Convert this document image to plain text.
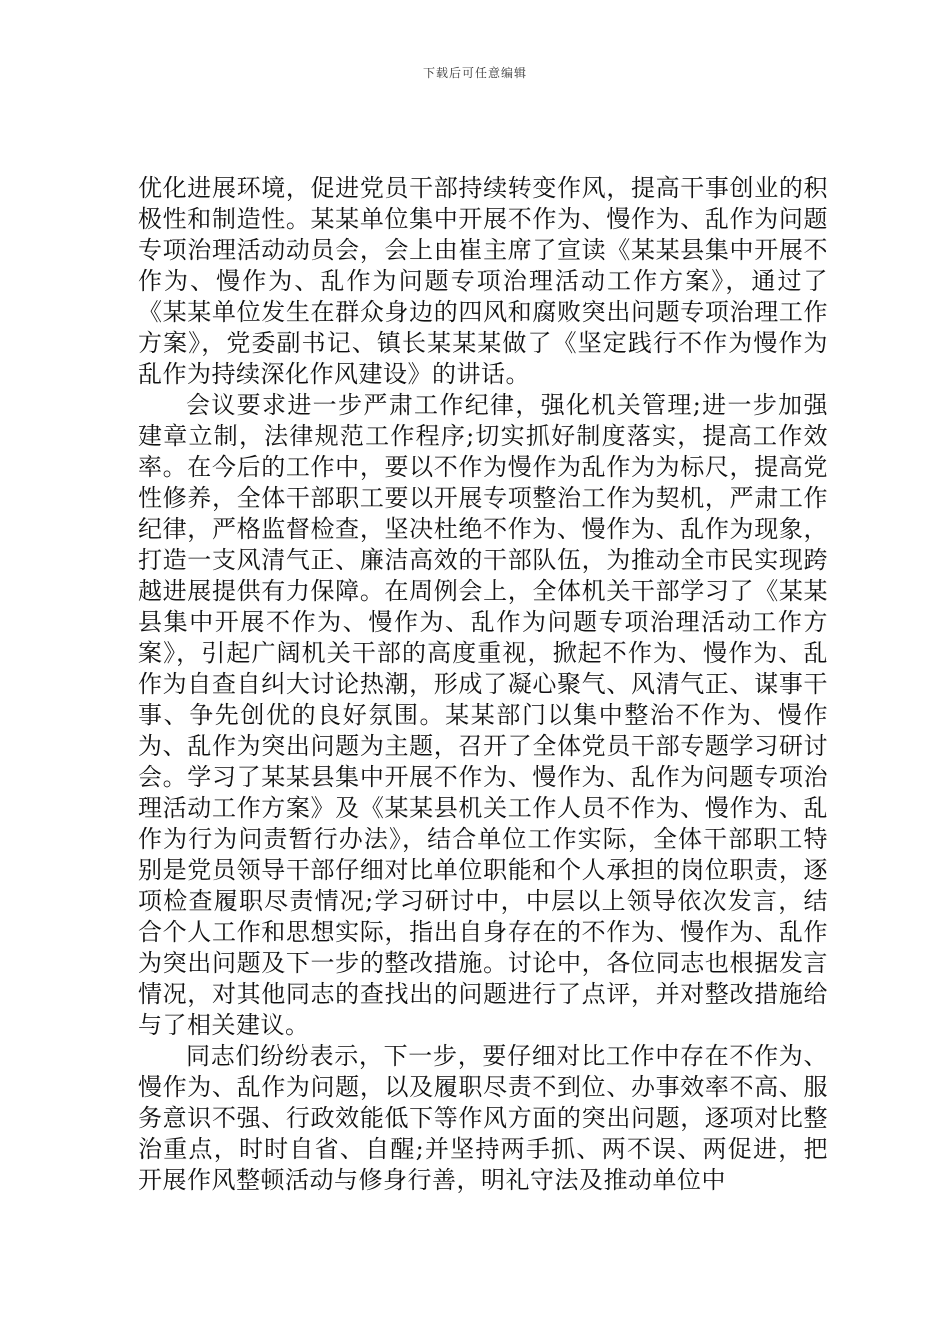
下载后可任意编辑

优化进展环境，促进党员干部持续转变作风，提高干事创业的积极性和制造性。某某单位集中开展不作为、慢作为、乱作为问题专项治理活动动员会，会上由崔主席了宣读《某某县集中开展不作为、慢作为、乱作为问题专项治理活动工作方案》，通过了《某某单位发生在群众身边的四风和腐败突出问题专项治理工作方案》，党委副书记、镇长某某某做了《坚定践行不作为慢作为乱作为持续深化作风建设》的讲话。

会议要求进一步严肃工作纪律，强化机关管理;进一步加强建章立制，法律规范工作程序;切实抓好制度落实，提高工作效率。在今后的工作中，要以不作为慢作为乱作为为标尺，提高党性修养，全体干部职工要以开展专项整治工作为契机，严肃工作纪律，严格监督检查，坚决杜绝不作为、慢作为、乱作为现象，打造一支风清气正、廉洁高效的干部队伍，为推动全市民实现跨越进展提供有力保障。在周例会上，全体机关干部学习了《某某县集中开展不作为、慢作为、乱作为问题专项治理活动工作方案》，引起广阔机关干部的高度重视，掀起不作为、慢作为、乱作为自查自纠大讨论热潮，形成了凝心聚气、风清气正、谋事干事、争先创优的良好氛围。某某部门以集中整治不作为、慢作为、乱作为突出问题为主题，召开了全体党员干部专题学习研讨会。学习了某某县集中开展不作为、慢作为、乱作为问题专项治理活动工作方案》及《某某县机关工作人员不作为、慢作为、乱作为行为问责暂行办法》，结合单位工作实际，全体干部职工特别是党员领导干部仔细对比单位职能和个人承担的岗位职责，逐项检查履职尽责情况;学习研讨中，中层以上领导依次发言，结合个人工作和思想实际，指出自身存在的不作为、慢作为、乱作为突出问题及下一步的整改措施。讨论中，各位同志也根据发言情况，对其他同志的查找出的问题进行了点评，并对整改措施给与了相关建议。

同志们纷纷表示，下一步，要仔细对比工作中存在不作为、慢作为、乱作为问题，以及履职尽责不到位、办事效率不高、服务意识不强、行政效能低下等作风方面的突出问题，逐项对比整治重点，时时自省、自醒;并坚持两手抓、两不误、两促进，把开展作风整顿活动与修身行善，明礼守法及推动单位中
